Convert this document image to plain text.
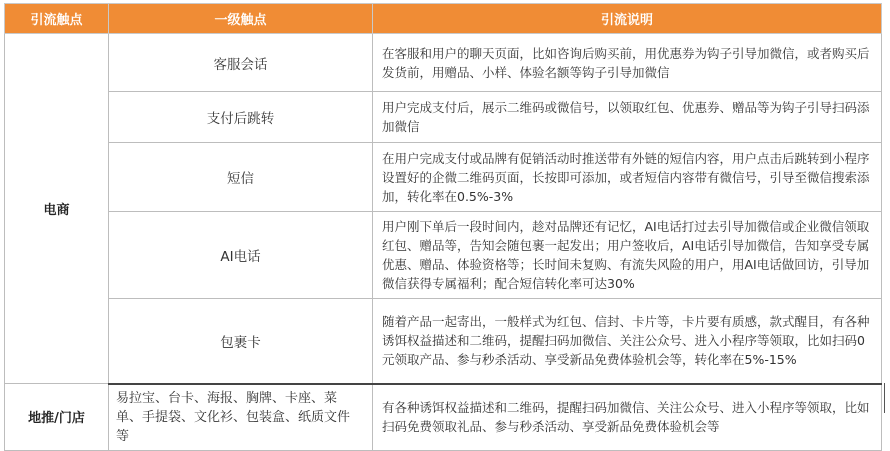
引流触点	一级触点	引流说明
电商	客服会话	在客服和用户的聊天页面，比如咨询后购买前，用优惠券为钩子引导加微信，或者购买后发货前，用赠品、小样、体验名额等钩子引导加微信
	支付后跳转	用户完成支付后，展示二维码或微信号，以领取红包、优惠券、赠品等为钩子引导扫码添加微信
	短信	在用户完成支付或品牌有促销活动时推送带有外链的短信内容，用户点击后跳转到小程序设置好的企微二维码页面，长按即可添加，或者短信内容带有微信号，引导至微信搜索添加，转化率在0.5%-3%
	AI电话	用户刚下单后一段时间内，趁对品牌还有记忆，AI电话打过去引导加微信或企业微信领取红包、赠品等，告知会随包裹一起发出；用户签收后，AI电话引导加微信，告知享受专属优惠、赠品、体验资格等；长时间未复购、有流失风险的用户，用AI电话做回访，引导加微信获得专属福利；配合短信转化率可达30%
	包裹卡	随着产品一起寄出，一般样式为红包、信封、卡片等，卡片要有质感，款式醒目，有各种诱饵权益描述和二维码，提醒扫码加微信、关注公众号、进入小程序等领取，比如扫码0元领取产品、参与秒杀活动、享受新品免费体验机会等，转化率在5%-15%
地推/门店	易拉宝、台卡、海报、胸牌、卡座、菜单、手提袋、文化衫、包装盒、纸质文件等	有各种诱饵权益描述和二维码，提醒扫码加微信、关注公众号、进入小程序等领取，比如扫码免费领取礼品、参与秒杀活动、享受新品免费体验机会等
